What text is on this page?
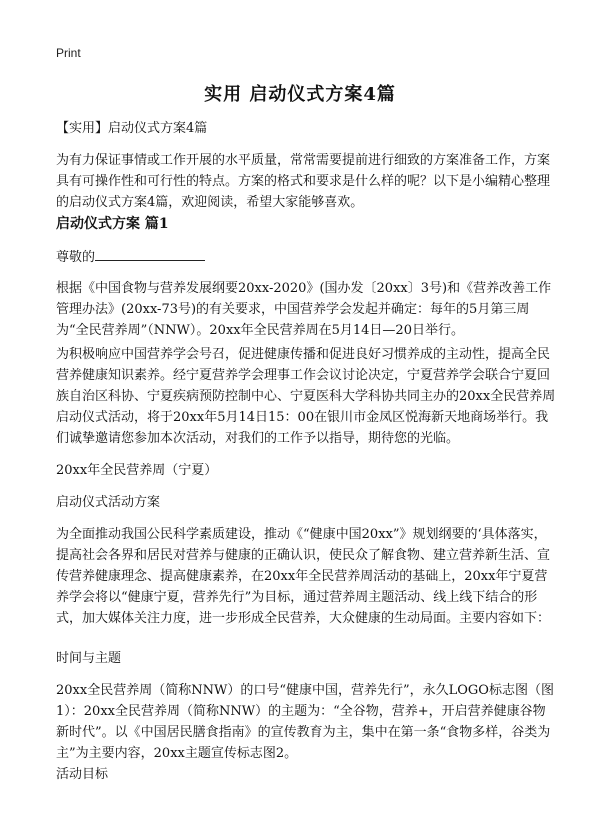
Print
实用 启动仪式方案4篇
【实用】启动仪式方案4篇
为有力保证事情或工作开展的水平质量，常常需要提前进行细致的方案准备工作，方案具有可操作性和可行性的特点。方案的格式和要求是什么样的呢？以下是小编精心整理的启动仪式方案4篇，欢迎阅读，希望大家能够喜欢。
启动仪式方案 篇1
尊敬的
根据《中国食物与营养发展纲要20xx-2020》(国办发〔20xx〕3号)和《营养改善工作管理办法》(20xx-73号)的有关要求，中国营养学会发起并确定：每年的5月第三周为“全民营养周”（NNW）。20xx年全民营养周在5月14日—20日举行。
为积极响应中国营养学会号召，促进健康传播和促进良好习惯养成的主动性，提高全民营养健康知识素养。经宁夏营养学会理事工作会议讨论决定，宁夏营养学会联合宁夏回族自治区科协、宁夏疾病预防控制中心、宁夏医科大学科协共同主办的20xx全民营养周启动仪式活动，将于20xx年5月14日15：00在银川市金凤区悦海新天地商场举行。我们诚挚邀请您参加本次活动，对我们的工作予以指导，期待您的光临。
20xx年全民营养周（宁夏）
启动仪式活动方案
为全面推动我国公民科学素质建设，推动《“健康中国20xx”》规划纲要的‘具体落实，提高社会各界和居民对营养与健康的正确认识，使民众了解食物、建立营养新生活、宣传营养健康理念、提高健康素养，在20xx年全民营养周活动的基础上，20xx年宁夏营养学会将以“健康宁夏，营养先行”为目标，通过营养周主题活动、线上线下结合的形式，加大媒体关注力度，进一步形成全民营养，大众健康的生动局面。主要内容如下：
时间与主题
20xx全民营养周（简称NNW）的口号“健康中国，营养先行”，永久LOGO标志图（图1）：20xx全民营养周（简称NNW）的主题为：“全谷物，营养+，开启营养健康谷物新时代”。以《中国居民膳食指南》的宣传教育为主，集中在第一条“食物多样，谷类为主”为主要内容，20xx主题宣传标志图2。
活动目标
